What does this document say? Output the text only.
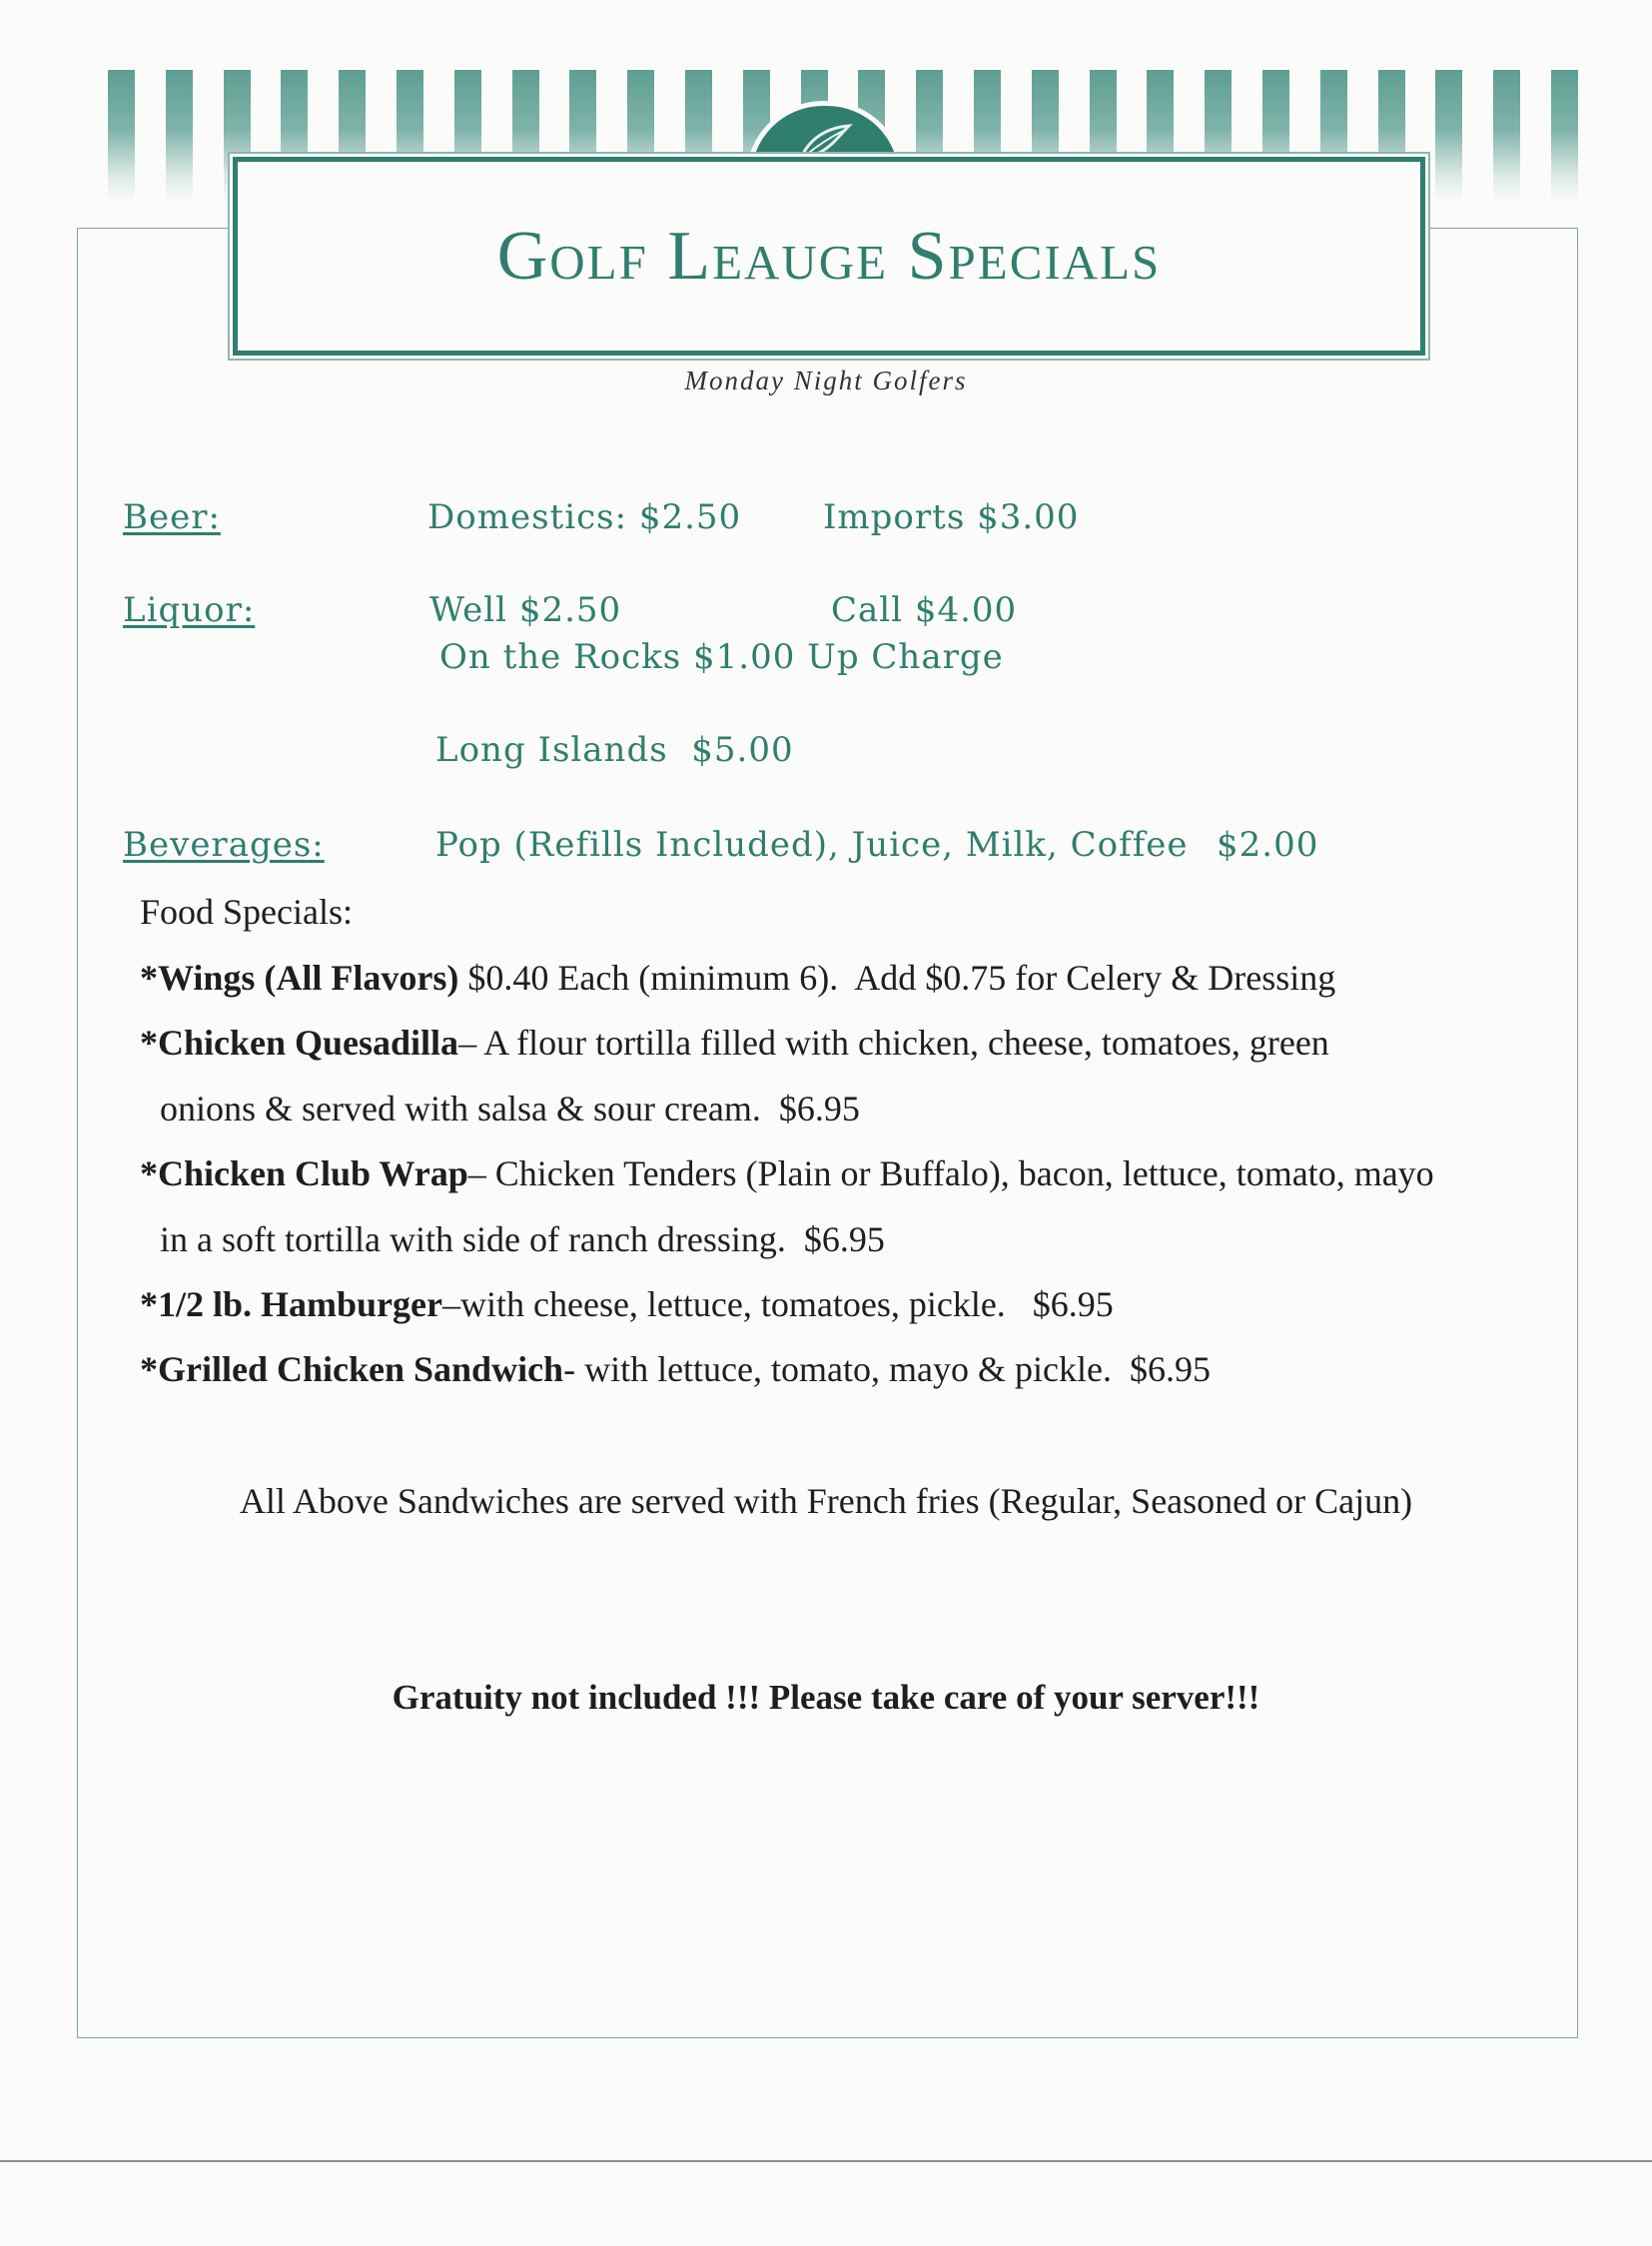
Golf Leauge Specials
Monday Night Golfers
Beer:	Domestics: $2.50 Imports $3.00
Liquor:	Well $2.50	Call $4.00
On the Rocks $1.00 Up Charge
Long Islands  $5.00
Beverages:	Pop (Refills Included), Juice, Milk, Coffee $2.00
Food Specials:
*Wings (All Flavors) $0.40 Each (minimum 6).  Add $0.75 for Celery & Dressing
*Chicken Quesadilla– A flour tortilla filled with chicken, cheese, tomatoes, green
onions & served with salsa & sour cream.  $6.95
*Chicken Club Wrap– Chicken Tenders (Plain or Buffalo), bacon, lettuce, tomato, mayo
in a soft tortilla with side of ranch dressing.  $6.95
*1/2 lb. Hamburger–with cheese, lettuce, tomatoes, pickle.   $6.95
*Grilled Chicken Sandwich- with lettuce, tomato, mayo & pickle.  $6.95
All Above Sandwiches are served with French fries (Regular, Seasoned or Cajun)
Gratuity not included !!! Please take care of your server!!!
